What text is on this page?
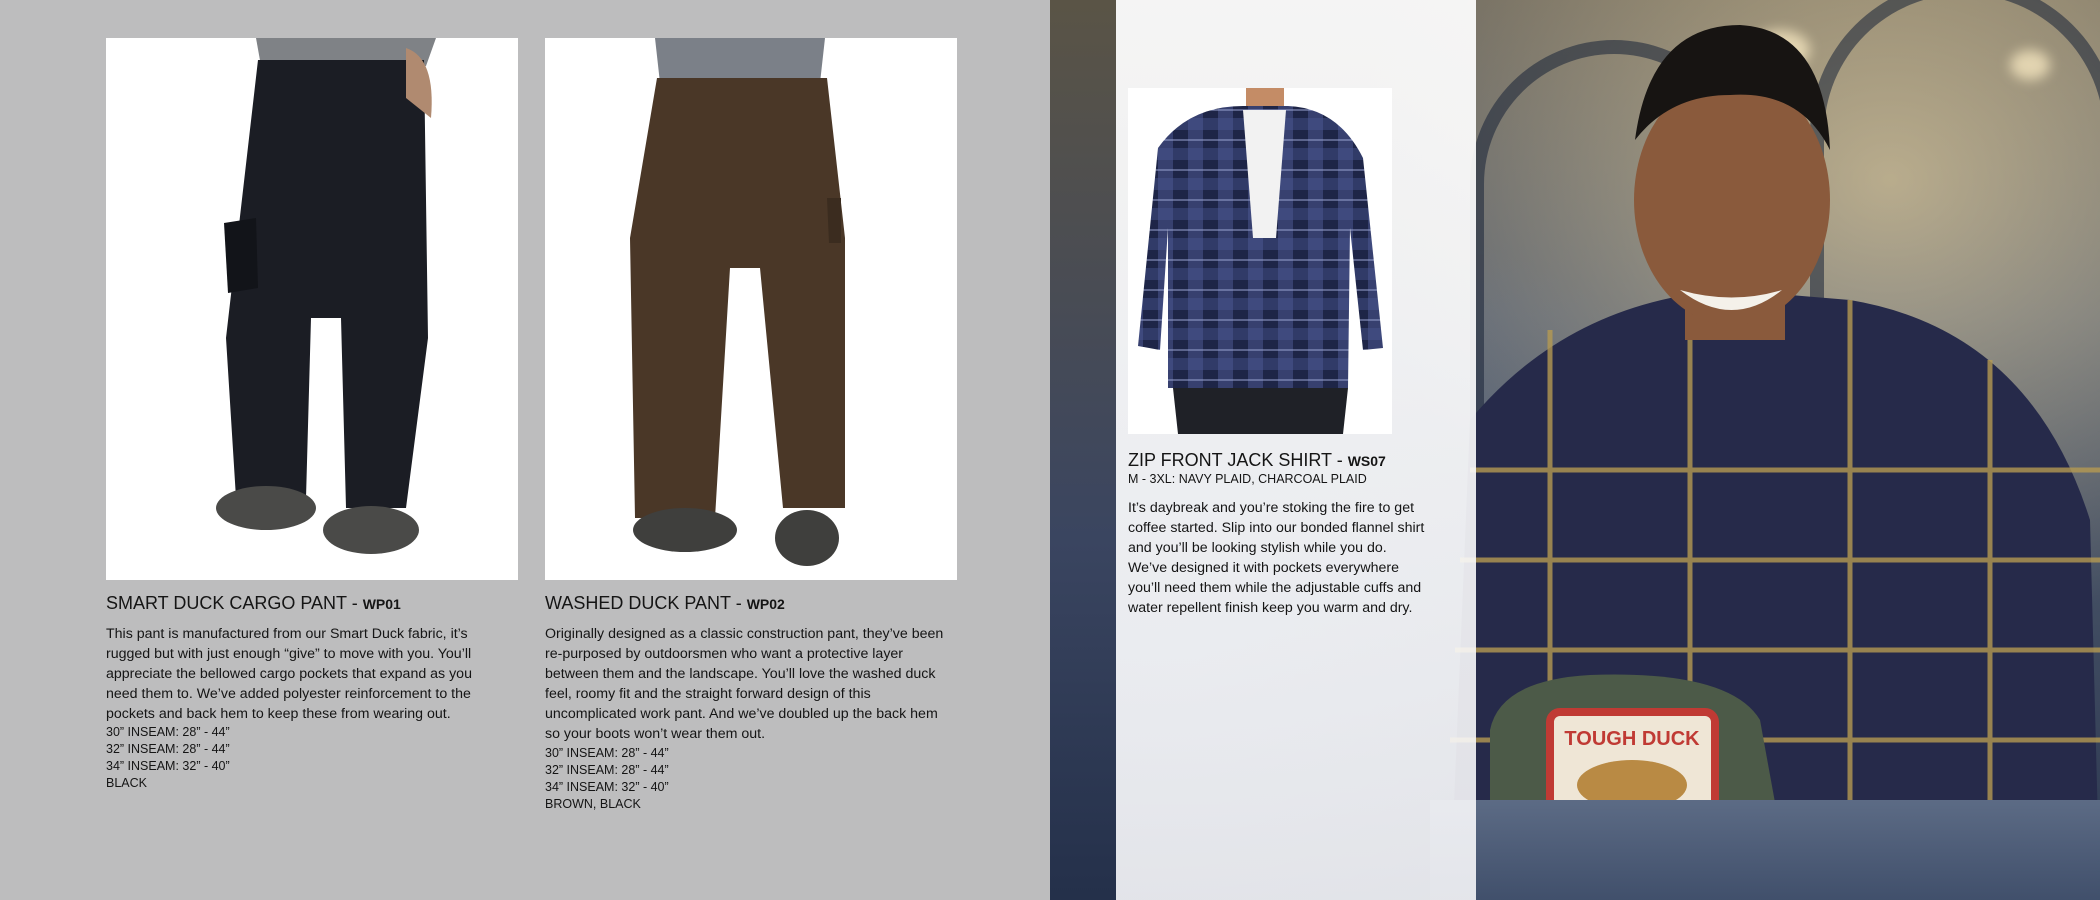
SMART DUCK CARGO PANT - WP01
This pant is manufactured from our Smart Duck fabric, it’s rugged but with just enough “give” to move with you. You’ll appreciate the bellowed cargo pockets that expand as you need them to. We’ve added polyester reinforcement to the pockets and back hem to keep these from wearing out.
30” INSEAM: 28” - 44”
32” INSEAM: 28” - 44”
34” INSEAM: 32” - 40”
BLACK
WASHED DUCK PANT - WP02
Originally designed as a classic construction pant, they’ve been re-purposed by outdoorsmen who want a protective layer between them and the landscape. You’ll love the washed duck feel, roomy fit and the straight forward design of this uncomplicated work pant. And we’ve doubled up the back hem so your boots won’t wear them out.
30” INSEAM: 28” - 44”
32” INSEAM: 28” - 44”
34” INSEAM: 32” - 40”
BROWN, BLACK
TOUGH DUCK
ZIP FRONT JACK SHIRT - WS07
M - 3XL: NAVY PLAID, CHARCOAL PLAID
It’s daybreak and you’re stoking the fire to get coffee started. Slip into our bonded flannel shirt and you’ll be looking stylish while you do. We’ve designed it with pockets everywhere you’ll need them while the adjustable cuffs and water repellent finish keep you warm and dry.
